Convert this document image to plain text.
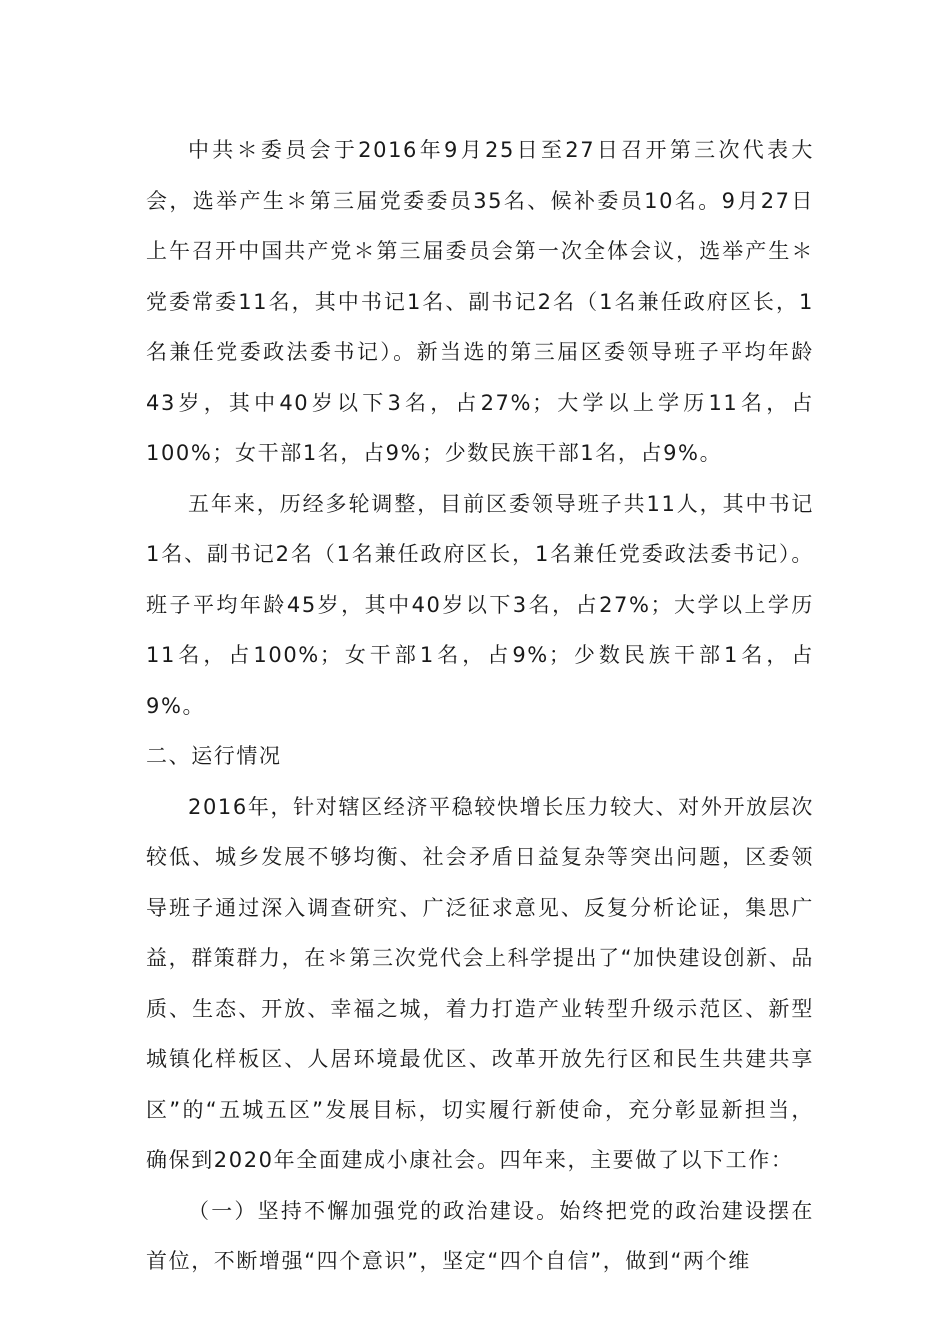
中共＊委员会于2016年9月25日至27日召开第三次代表大会，选举产生＊第三届党委委员35名、候补委员10名。9月27日上午召开中国共产党＊第三届委员会第一次全体会议，选举产生＊党委常委11名，其中书记1名、副书记2名（1名兼任政府区长，1名兼任党委政法委书记）。新当选的第三届区委领导班子平均年龄43岁，其中40岁以下3名，占27%；大学以上学历11名，占100%；女干部1名，占9%；少数民族干部1名，占9%。

五年来，历经多轮调整，目前区委领导班子共11人，其中书记1名、副书记2名（1名兼任政府区长，1名兼任党委政法委书记）。班子平均年龄45岁，其中40岁以下3名，占27%；大学以上学历11名，占100%；女干部1名，占9%；少数民族干部1名，占9%。

二、运行情况

2016年，针对辖区经济平稳较快增长压力较大、对外开放层次较低、城乡发展不够均衡、社会矛盾日益复杂等突出问题，区委领导班子通过深入调查研究、广泛征求意见、反复分析论证，集思广益，群策群力，在＊第三次党代会上科学提出了“加快建设创新、品质、生态、开放、幸福之城，着力打造产业转型升级示范区、新型城镇化样板区、人居环境最优区、改革开放先行区和民生共建共享区”的“五城五区”发展目标，切实履行新使命，充分彰显新担当，确保到2020年全面建成小康社会。四年来，主要做了以下工作：

（一）坚持不懈加强党的政治建设。始终把党的政治建设摆在首位，不断增强“四个意识”，坚定“四个自信”，做到“两个维
